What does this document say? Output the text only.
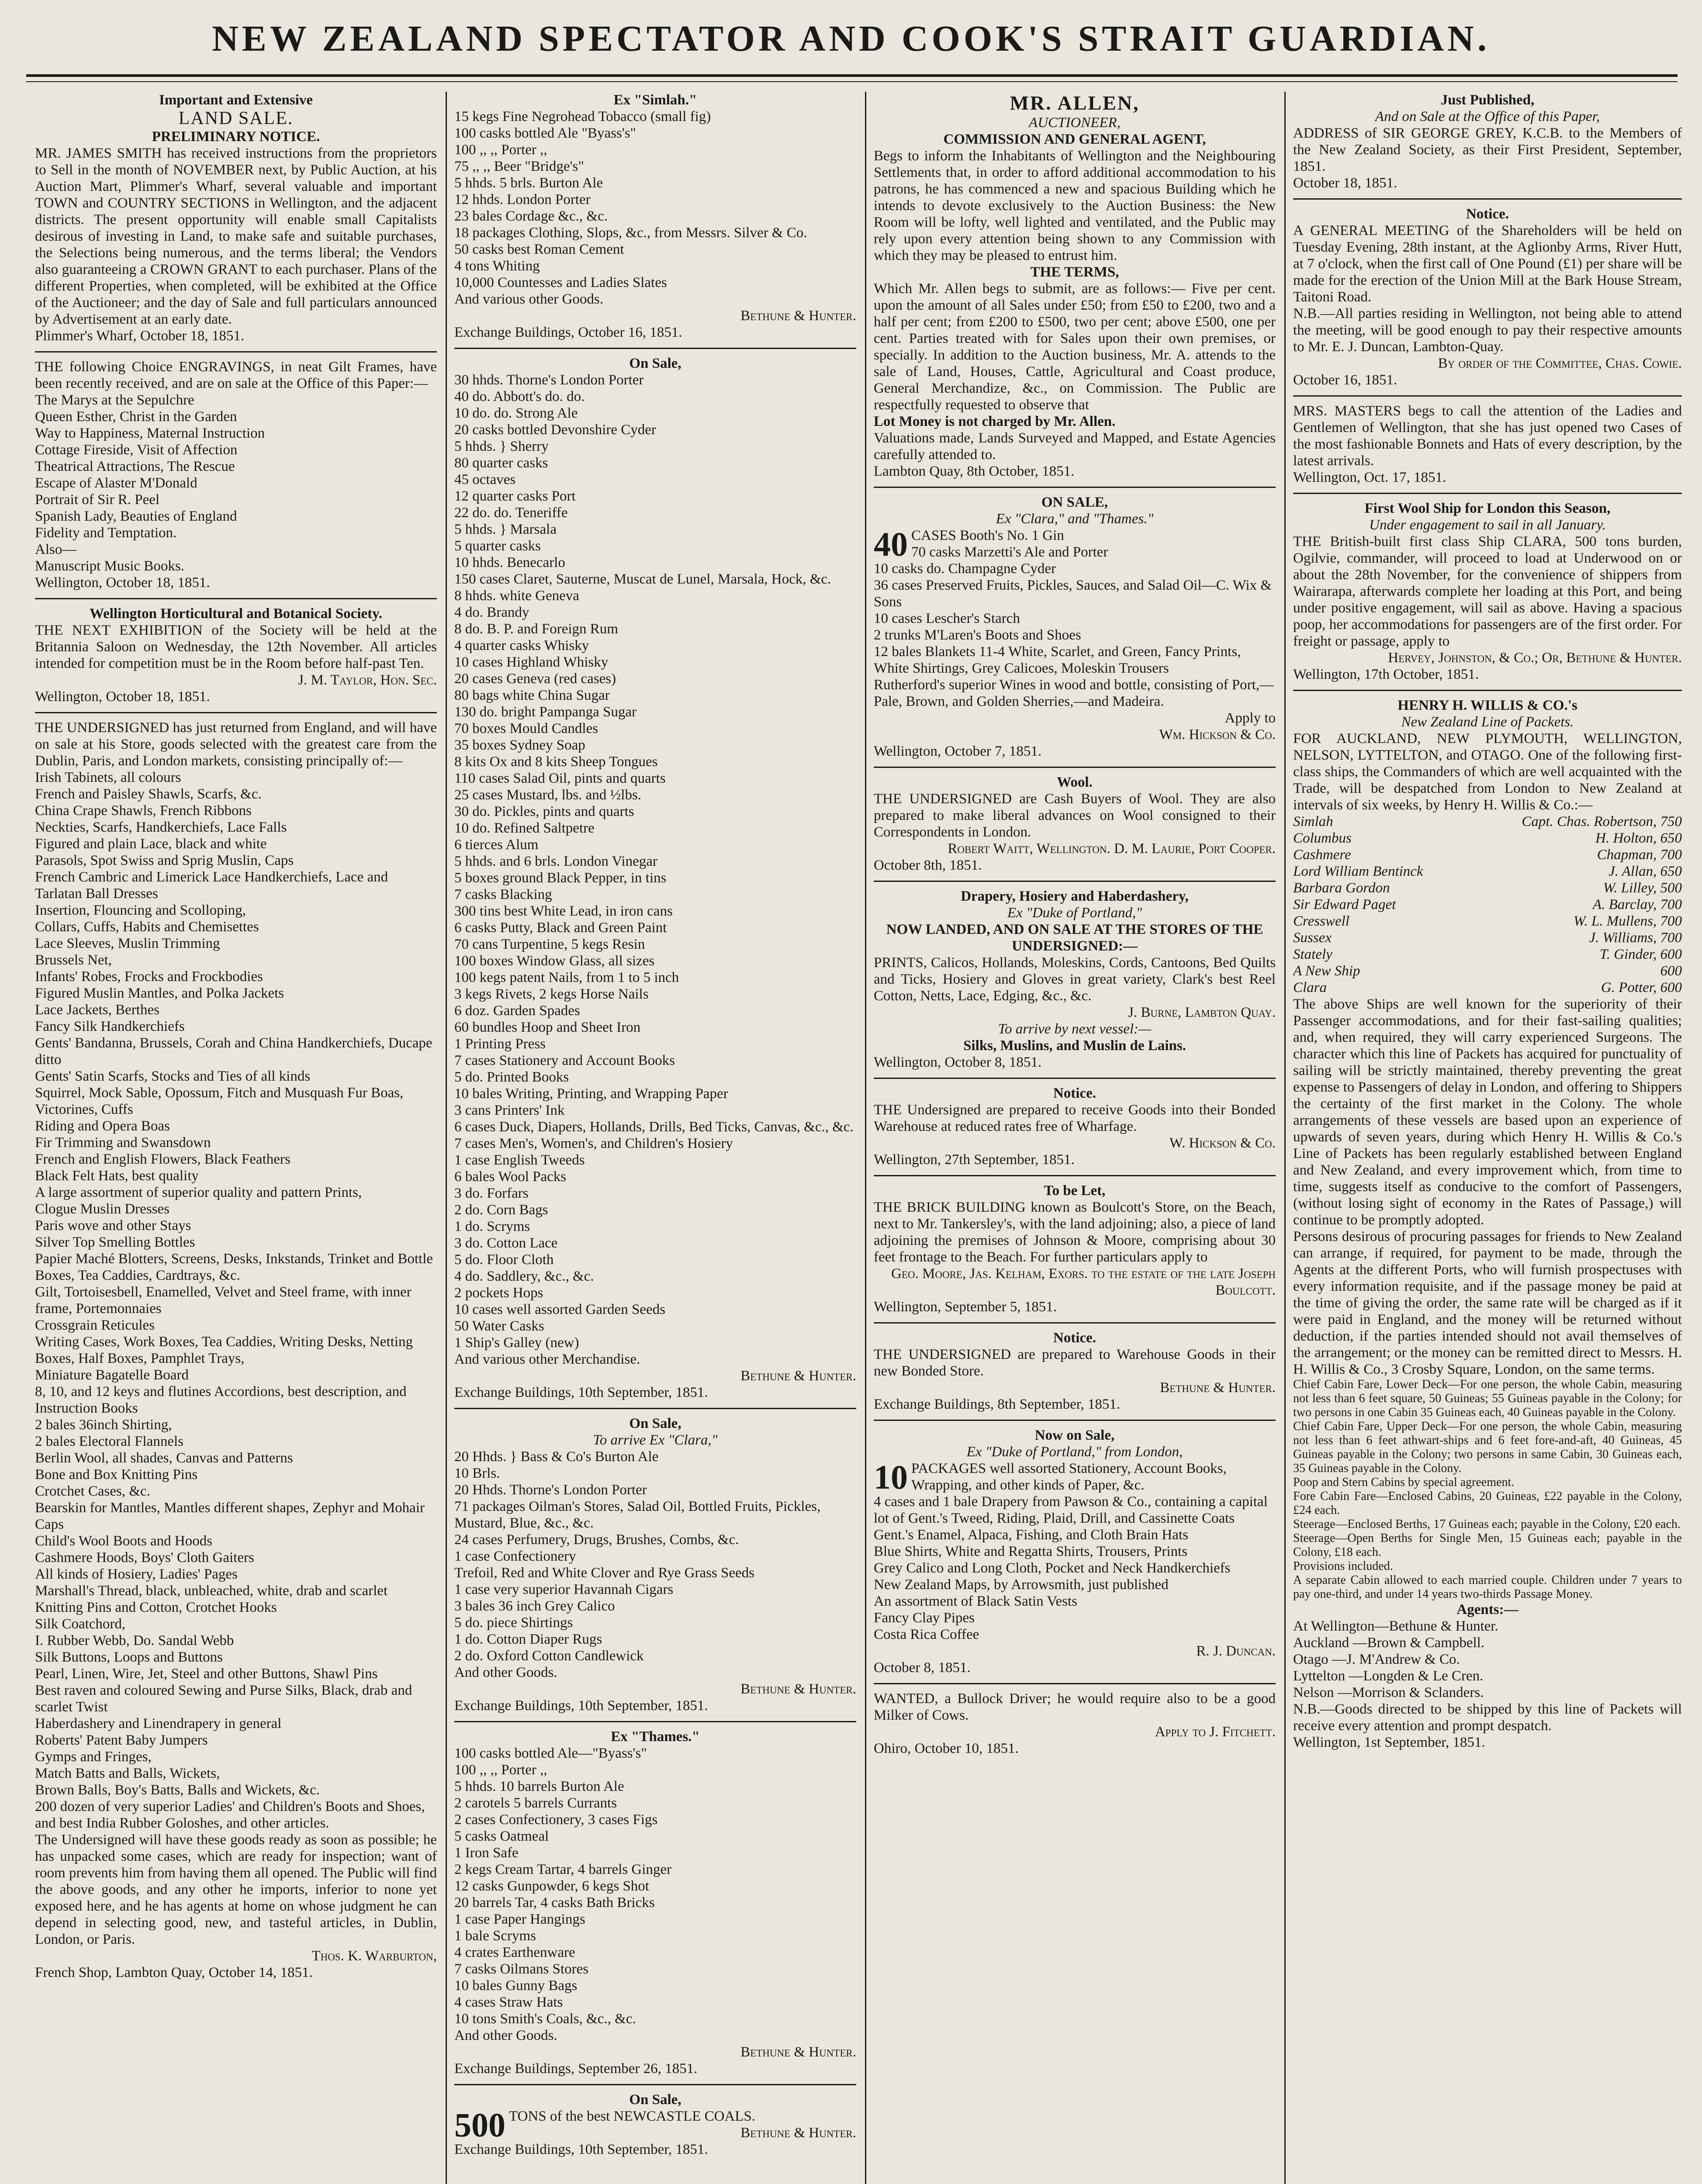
NEW ZEALAND SPECTATOR AND COOK'S STRAIT GUARDIAN.
Important and Extensive
LAND SALE.
PRELIMINARY NOTICE.
MR. JAMES SMITH has received instructions from the proprietors to Sell in the month of NOVEMBER next, by Public Auction, at his Auction Mart, Plimmer's Wharf, several valuable and important TOWN and COUNTRY SECTIONS in Wellington, and the adjacent districts. The present opportunity will enable small Capitalists desirous of investing in Land, to make safe and suitable purchases, the Selections being numerous, and the terms liberal; the Vendors also guaranteeing a CROWN GRANT to each purchaser. Plans of the different Properties, when completed, will be exhibited at the Office of the Auctioneer; and the day of Sale and full particulars announced by Advertisement at an early date.
Plimmer's Wharf, October 18, 1851.
THE following Choice ENGRAVINGS, in neat Gilt Frames, have been recently received, and are on sale at the Office of this Paper:—
The Marys at the Sepulchre
Queen Esther, Christ in the Garden
Way to Happiness, Maternal Instruction
Cottage Fireside, Visit of Affection
Theatrical Attractions, The Rescue
Escape of Alaster M'Donald
Portrait of Sir R. Peel
Spanish Lady, Beauties of England
Fidelity and Temptation.
Also—
Manuscript Music Books.
Wellington, October 18, 1851.
Wellington Horticultural and Botanical Society.
THE NEXT EXHIBITION of the Society will be held at the Britannia Saloon on Wednesday, the 12th November. All articles intended for competition must be in the Room before half-past Ten.
J. M. Taylor, Hon. Sec.
Wellington, October 18, 1851.
THE UNDERSIGNED has just returned from England, and will have on sale at his Store, goods selected with the greatest care from the Dublin, Paris, and London markets, consisting principally of:—
Irish Tabinets, all colours
French and Paisley Shawls, Scarfs, &c.
China Crape Shawls, French Ribbons
Neckties, Scarfs, Handkerchiefs, Lace Falls
Figured and plain Lace, black and white
Parasols, Spot Swiss and Sprig Muslin, Caps
French Cambric and Limerick Lace Handkerchiefs, Lace and Tarlatan Ball Dresses
Insertion, Flouncing and Scolloping,
Collars, Cuffs, Habits and Chemisettes
Lace Sleeves, Muslin Trimming
Brussels Net,
Infants' Robes, Frocks and Frockbodies
Figured Muslin Mantles, and Polka Jackets
Lace Jackets, Berthes
Fancy Silk Handkerchiefs
Gents' Bandanna, Brussels, Corah and China Handkerchiefs, Ducape ditto
Gents' Satin Scarfs, Stocks and Ties of all kinds
Squirrel, Mock Sable, Opossum, Fitch and Musquash Fur Boas, Victorines, Cuffs
Riding and Opera Boas
Fir Trimming and Swansdown
French and English Flowers, Black Feathers
Black Felt Hats, best quality
A large assortment of superior quality and pattern Prints,
Clogue Muslin Dresses
Paris wove and other Stays
Silver Top Smelling Bottles
Papier Maché Blotters, Screens, Desks, Inkstands, Trinket and Bottle Boxes, Tea Caddies, Cardtrays, &c.
Gilt, Tortoisesbell, Enamelled, Velvet and Steel frame, with inner frame, Portemonnaies
Crossgrain Reticules
Writing Cases, Work Boxes, Tea Caddies, Writing Desks, Netting Boxes, Half Boxes, Pamphlet Trays,
Miniature Bagatelle Board
8, 10, and 12 keys and flutines Accordions, best description, and Instruction Books
2 bales 36inch Shirting,
2 bales Electoral Flannels
Berlin Wool, all shades, Canvas and Patterns
Bone and Box Knitting Pins
Crotchet Cases, &c.
Bearskin for Mantles, Mantles different shapes, Zephyr and Mohair Caps
Child's Wool Boots and Hoods
Cashmere Hoods, Boys' Cloth Gaiters
All kinds of Hosiery, Ladies' Pages
Marshall's Thread, black, unbleached, white, drab and scarlet
Knitting Pins and Cotton, Crotchet Hooks
Silk Coatchord,
I. Rubber Webb, Do. Sandal Webb
Silk Buttons, Loops and Buttons
Pearl, Linen, Wire, Jet, Steel and other Buttons, Shawl Pins
Best raven and coloured Sewing and Purse Silks, Black, drab and scarlet Twist
Haberdashery and Linendrapery in general
Roberts' Patent Baby Jumpers
Gymps and Fringes,
Match Batts and Balls, Wickets,
Brown Balls, Boy's Batts, Balls and Wickets, &c.
200 dozen of very superior Ladies' and Children's Boots and Shoes, and best India Rubber Goloshes, and other articles.
The Undersigned will have these goods ready as soon as possible; he has unpacked some cases, which are ready for inspection; want of room prevents him from having them all opened. The Public will find the above goods, and any other he imports, inferior to none yet exposed here, and he has agents at home on whose judgment he can depend in selecting good, new, and tasteful articles, in Dublin, London, or Paris.
Thos. K. Warburton,
French Shop, Lambton Quay, October 14, 1851.
Ex "Simlah."
15 kegs Fine Negrohead Tobacco (small fig)
100 casks bottled Ale "Byass's"
100 ,, ,, Porter ,,
75 ,, ,, Beer "Bridge's"
5 hhds. 5 brls. Burton Ale
12 hhds. London Porter
23 bales Cordage &c., &c.
18 packages Clothing, Slops, &c., from Messrs. Silver & Co.
50 casks best Roman Cement
4 tons Whiting
10,000 Countesses and Ladies Slates
And various other Goods.
Bethune & Hunter.
Exchange Buildings, October 16, 1851.
On Sale,
30 hhds. Thorne's London Porter
40 do. Abbott's do. do.
10 do. do. Strong Ale
20 casks bottled Devonshire Cyder
5 hhds. } Sherry
80 quarter casks
45 octaves
12 quarter casks Port
22 do. do. Teneriffe
5 hhds. } Marsala
5 quarter casks
10 hhds. Benecarlo
150 cases Claret, Sauterne, Muscat de Lunel, Marsala, Hock, &c.
8 hhds. white Geneva
4 do. Brandy
8 do. B. P. and Foreign Rum
4 quarter casks Whisky
10 cases Highland Whisky
20 cases Geneva (red cases)
80 bags white China Sugar
130 do. bright Pampanga Sugar
70 boxes Mould Candles
35 boxes Sydney Soap
8 kits Ox and 8 kits Sheep Tongues
110 cases Salad Oil, pints and quarts
25 cases Mustard, lbs. and ½lbs.
30 do. Pickles, pints and quarts
10 do. Refined Saltpetre
6 tierces Alum
5 hhds. and 6 brls. London Vinegar
5 boxes ground Black Pepper, in tins
7 casks Blacking
300 tins best White Lead, in iron cans
6 casks Putty, Black and Green Paint
70 cans Turpentine, 5 kegs Resin
100 boxes Window Glass, all sizes
100 kegs patent Nails, from 1 to 5 inch
3 kegs Rivets, 2 kegs Horse Nails
6 doz. Garden Spades
60 bundles Hoop and Sheet Iron
1 Printing Press
7 cases Stationery and Account Books
5 do. Printed Books
10 bales Writing, Printing, and Wrapping Paper
3 cans Printers' Ink
6 cases Duck, Diapers, Hollands, Drills, Bed Ticks, Canvas, &c., &c.
7 cases Men's, Women's, and Children's Hosiery
1 case English Tweeds
6 bales Wool Packs
3 do. Forfars
2 do. Corn Bags
1 do. Scryms
3 do. Cotton Lace
5 do. Floor Cloth
4 do. Saddlery, &c., &c.
2 pockets Hops
10 cases well assorted Garden Seeds
50 Water Casks
1 Ship's Galley (new)
And various other Merchandise.
Bethune & Hunter.
Exchange Buildings, 10th September, 1851.
On Sale,
To arrive Ex "Clara,"
20 Hhds. } Bass & Co's Burton Ale
10 Brls.
20 Hhds. Thorne's London Porter
71 packages Oilman's Stores, Salad Oil, Bottled Fruits, Pickles, Mustard, Blue, &c., &c.
24 cases Perfumery, Drugs, Brushes, Combs, &c.
1 case Confectionery
Trefoil, Red and White Clover and Rye Grass Seeds
1 case very superior Havannah Cigars
3 bales 36 inch Grey Calico
5 do. piece Shirtings
1 do. Cotton Diaper Rugs
2 do. Oxford Cotton Candlewick
And other Goods.
Bethune & Hunter.
Exchange Buildings, 10th September, 1851.
Ex "Thames."
100 casks bottled Ale—"Byass's"
100 ,, ,, Porter ,,
5 hhds. 10 barrels Burton Ale
2 carotels 5 barrels Currants
2 cases Confectionery, 3 cases Figs
5 casks Oatmeal
1 Iron Safe
2 kegs Cream Tartar, 4 barrels Ginger
12 casks Gunpowder, 6 kegs Shot
20 barrels Tar, 4 casks Bath Bricks
1 case Paper Hangings
1 bale Scryms
4 crates Earthenware
7 casks Oilmans Stores
10 bales Gunny Bags
4 cases Straw Hats
10 tons Smith's Coals, &c., &c.
And other Goods.
Bethune & Hunter.
Exchange Buildings, September 26, 1851.
On Sale,
500 TONS of the best NEWCASTLE COALS.
Bethune & Hunter.
Exchange Buildings, 10th September, 1851.
MR. ALLEN,
AUCTIONEER,
COMMISSION AND GENERAL AGENT,
Begs to inform the Inhabitants of Wellington and the Neighbouring Settlements that, in order to afford additional accommodation to his patrons, he has commenced a new and spacious Building which he intends to devote exclusively to the Auction Business: the New Room will be lofty, well lighted and ventilated, and the Public may rely upon every attention being shown to any Commission with which they may be pleased to entrust him.
THE TERMS,
Which Mr. Allen begs to submit, are as follows:— Five per cent. upon the amount of all Sales under £50; from £50 to £200, two and a half per cent; from £200 to £500, two per cent; above £500, one per cent. Parties treated with for Sales upon their own premises, or specially. In addition to the Auction business, Mr. A. attends to the sale of Land, Houses, Cattle, Agricultural and Coast produce, General Merchandize, &c., on Commission. The Public are respectfully requested to observe that
Lot Money is not charged by Mr. Allen.
Valuations made, Lands Surveyed and Mapped, and Estate Agencies carefully attended to.
Lambton Quay, 8th October, 1851.
ON SALE,
Ex "Clara," and "Thames."
40 CASES Booth's No. 1 Gin
70 casks Marzetti's Ale and Porter
10 casks do. Champagne Cyder
36 cases Preserved Fruits, Pickles, Sauces, and Salad Oil—C. Wix & Sons
10 cases Lescher's Starch
2 trunks M'Laren's Boots and Shoes
12 bales Blankets 11-4 White, Scarlet, and Green, Fancy Prints, White Shirtings, Grey Calicoes, Moleskin Trousers
Rutherford's superior Wines in wood and bottle, consisting of Port,—Pale, Brown, and Golden Sherries,—and Madeira.
Apply to
Wm. Hickson & Co.
Wellington, October 7, 1851.
Wool.
THE UNDERSIGNED are Cash Buyers of Wool. They are also prepared to make liberal advances on Wool consigned to their Correspondents in London.
Robert Waitt, Wellington. D. M. Laurie, Port Cooper.
October 8th, 1851.
Drapery, Hosiery and Haberdashery,
Ex "Duke of Portland,"
NOW LANDED, AND ON SALE AT THE STORES OF THE UNDERSIGNED:—
PRINTS, Calicos, Hollands, Moleskins, Cords, Cantoons, Bed Quilts and Ticks, Hosiery and Gloves in great variety, Clark's best Reel Cotton, Netts, Lace, Edging, &c., &c.
J. Burne, Lambton Quay.
To arrive by next vessel:—
Silks, Muslins, and Muslin de Lains.
Wellington, October 8, 1851.
Notice.
THE Undersigned are prepared to receive Goods into their Bonded Warehouse at reduced rates free of Wharfage.
W. Hickson & Co.
Wellington, 27th September, 1851.
To be Let,
THE BRICK BUILDING known as Boulcott's Store, on the Beach, next to Mr. Tankersley's, with the land adjoining; also, a piece of land adjoining the premises of Johnson & Moore, comprising about 30 feet frontage to the Beach. For further particulars apply to
Geo. Moore, Jas. Kelham, Exors. to the estate of the late Joseph Boulcott.
Wellington, September 5, 1851.
Notice.
THE UNDERSIGNED are prepared to Warehouse Goods in their new Bonded Store.
Bethune & Hunter.
Exchange Buildings, 8th September, 1851.
Now on Sale,
Ex "Duke of Portland," from London,
10 PACKAGES well assorted Stationery, Account Books, Wrapping, and other kinds of Paper, &c.
4 cases and 1 bale Drapery from Pawson & Co., containing a capital lot of Gent.'s Tweed, Riding, Plaid, Drill, and Cassinette Coats
Gent.'s Enamel, Alpaca, Fishing, and Cloth Brain Hats
Blue Shirts, White and Regatta Shirts, Trousers, Prints
Grey Calico and Long Cloth, Pocket and Neck Handkerchiefs
New Zealand Maps, by Arrowsmith, just published
An assortment of Black Satin Vests
Fancy Clay Pipes
Costa Rica Coffee
R. J. Duncan.
October 8, 1851.
WANTED, a Bullock Driver; he would require also to be a good Milker of Cows.
Apply to J. Fitchett.
Ohiro, October 10, 1851.
Just Published,
And on Sale at the Office of this Paper,
ADDRESS of SIR GEORGE GREY, K.C.B. to the Members of the New Zealand Society, as their First President, September, 1851.
October 18, 1851.
Notice.
A GENERAL MEETING of the Shareholders will be held on Tuesday Evening, 28th instant, at the Aglionby Arms, River Hutt, at 7 o'clock, when the first call of One Pound (£1) per share will be made for the erection of the Union Mill at the Bark House Stream, Taitoni Road.
N.B.—All parties residing in Wellington, not being able to attend the meeting, will be good enough to pay their respective amounts to Mr. E. J. Duncan, Lambton-Quay.
By order of the Committee, Chas. Cowie.
October 16, 1851.
MRS. MASTERS begs to call the attention of the Ladies and Gentlemen of Wellington, that she has just opened two Cases of the most fashionable Bonnets and Hats of every description, by the latest arrivals.
Wellington, Oct. 17, 1851.
First Wool Ship for London this Season,
Under engagement to sail in all January.
THE British-built first class Ship CLARA, 500 tons burden, Ogilvie, commander, will proceed to load at Underwood on or about the 28th November, for the convenience of shippers from Wairarapa, afterwards complete her loading at this Port, and being under positive engagement, will sail as above. Having a spacious poop, her accommodations for passengers are of the first order. For freight or passage, apply to
Hervey, Johnston, & Co.; Or, Bethune & Hunter.
Wellington, 17th October, 1851.
HENRY H. WILLIS & CO.'s
New Zealand Line of Packets.
FOR AUCKLAND, NEW PLYMOUTH, WELLINGTON, NELSON, LYTTELTON, and OTAGO. One of the following first-class ships, the Commanders of which are well acquainted with the Trade, will be despatched from London to New Zealand at intervals of six weeks, by Henry H. Willis & Co.:—
Simlah	Capt. Chas. Robertson, 750
Columbus	H. Holton, 650
Cashmere	Chapman, 700
Lord William Bentinck	J. Allan, 650
Barbara Gordon	W. Lilley, 500
Sir Edward Paget	A. Barclay, 700
Cresswell	W. L. Mullens, 700
Sussex	J. Williams, 700
Stately	T. Ginder, 600
A New Ship	600
Clara	G. Potter, 600
The above Ships are well known for the superiority of their Passenger accommodations, and for their fast-sailing qualities; and, when required, they will carry experienced Surgeons. The character which this line of Packets has acquired for punctuality of sailing will be strictly maintained, thereby preventing the great expense to Passengers of delay in London, and offering to Shippers the certainty of the first market in the Colony. The whole arrangements of these vessels are based upon an experience of upwards of seven years, during which Henry H. Willis & Co.'s Line of Packets has been regularly established between England and New Zealand, and every improvement which, from time to time, suggests itself as conducive to the comfort of Passengers, (without losing sight of economy in the Rates of Passage,) will continue to be promptly adopted.
Persons desirous of procuring passages for friends to New Zealand can arrange, if required, for payment to be made, through the Agents at the different Ports, who will furnish prospectuses with every information requisite, and if the passage money be paid at the time of giving the order, the same rate will be charged as if it were paid in England, and the money will be returned without deduction, if the parties intended should not avail themselves of the arrangement; or the money can be remitted direct to Messrs. H. H. Willis & Co., 3 Crosby Square, London, on the same terms.
Chief Cabin Fare, Lower Deck—For one person, the whole Cabin, measuring not less than 6 feet square, 50 Guineas; 55 Guineas payable in the Colony; for two persons in one Cabin 35 Guineas each, 40 Guineas payable in the Colony.
Chief Cabin Fare, Upper Deck—For one person, the whole Cabin, measuring not less than 6 feet athwart-ships and 6 feet fore-and-aft, 40 Guineas, 45 Guineas payable in the Colony; two persons in same Cabin, 30 Guineas each, 35 Guineas payable in the Colony.
Poop and Stern Cabins by special agreement.
Fore Cabin Fare—Enclosed Cabins, 20 Guineas, £22 payable in the Colony, £24 each.
Steerage—Enclosed Berths, 17 Guineas each; payable in the Colony, £20 each.
Steerage—Open Berths for Single Men, 15 Guineas each; payable in the Colony, £18 each.
Provisions included.
A separate Cabin allowed to each married couple. Children under 7 years to pay one-third, and under 14 years two-thirds Passage Money.
Agents:—
At Wellington—Bethune & Hunter.
Auckland —Brown & Campbell.
Otago —J. M'Andrew & Co.
Lyttelton —Longden & Le Cren.
Nelson —Morrison & Sclanders.
N.B.—Goods directed to be shipped by this line of Packets will receive every attention and prompt despatch.
Wellington, 1st September, 1851.
